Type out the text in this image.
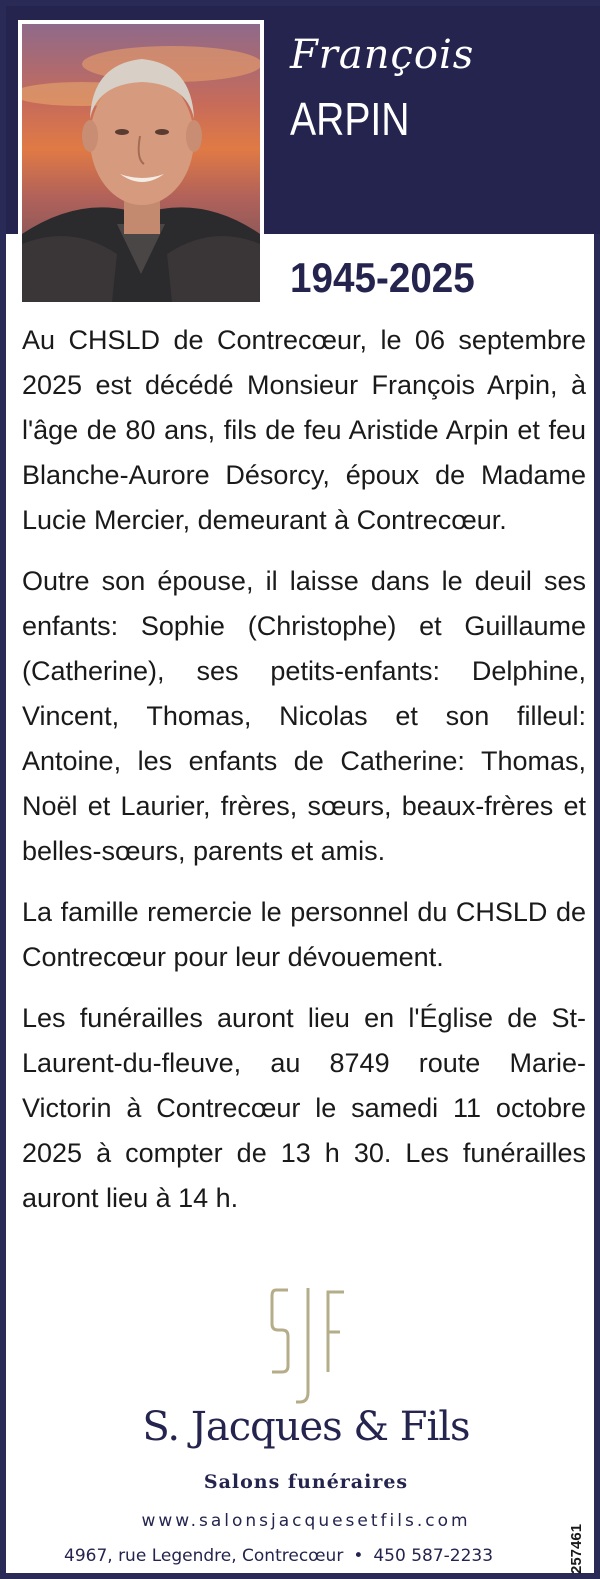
François
ARPIN
1945-2025

Au CHSLD de Contrecœur, le 06 septembre 2025 est décédé Monsieur François Arpin, à l'âge de 80 ans, fils de feu Aristide Arpin et feu Blanche-Aurore Désorcy, époux de Madame Lucie Mercier, demeurant à Contrecœur.

Outre son épouse, il laisse dans le deuil ses enfants: Sophie (Christophe) et Guillaume (Catherine), ses petits-enfants: Delphine, Vincent, Thomas, Nicolas et son filleul: Antoine, les enfants de Catherine: Thomas, Noël et Laurier, frères, sœurs, beaux-frères et belles-sœurs, parents et amis.

La famille remercie le personnel du CHSLD de Contrecœur pour leur dévouement.

Les funérailles auront lieu en l'Église de St-Laurent-du-fleuve, au 8749 route Marie-Victorin à Contrecœur le samedi 11 octobre 2025 à compter de 13 h 30. Les funérailles auront lieu à 14 h.

S. Jacques & Fils
Salons funéraires
www.salonsjacquesetfils.com
4967, rue Legendre, Contrecœur • 450 587-2233	257461
